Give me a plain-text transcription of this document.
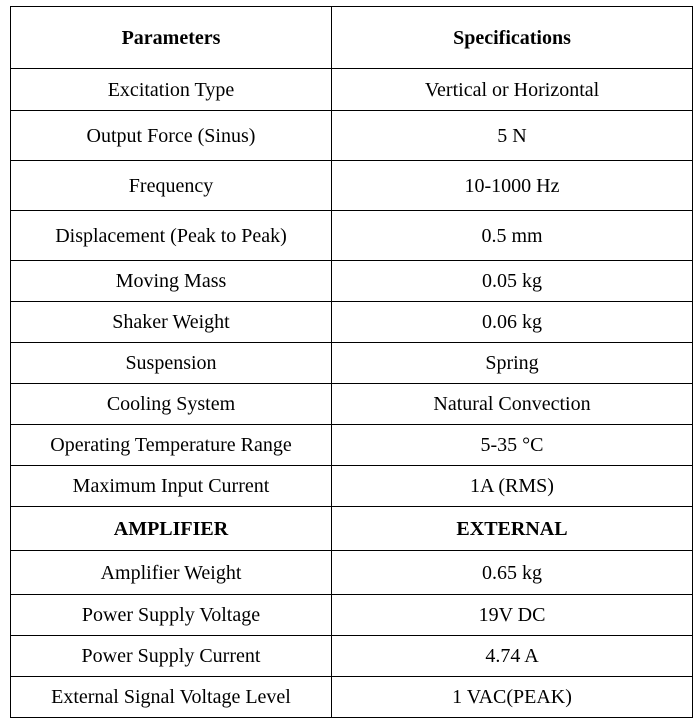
Parameters	Specifications
Excitation Type	Vertical or Horizontal
Output Force (Sinus)	5 N
Frequency	10-1000 Hz
Displacement (Peak to Peak)	0.5 mm
Moving Mass	0.05 kg
Shaker Weight	0.06 kg
Suspension	Spring
Cooling System	Natural Convection
Operating Temperature Range	5-35 °C
Maximum Input Current	1A (RMS)
AMPLIFIER	EXTERNAL
Amplifier Weight	0.65 kg
Power Supply Voltage	19V DC
Power Supply Current	4.74 A
External Signal Voltage Level	1 VAC(PEAK)
